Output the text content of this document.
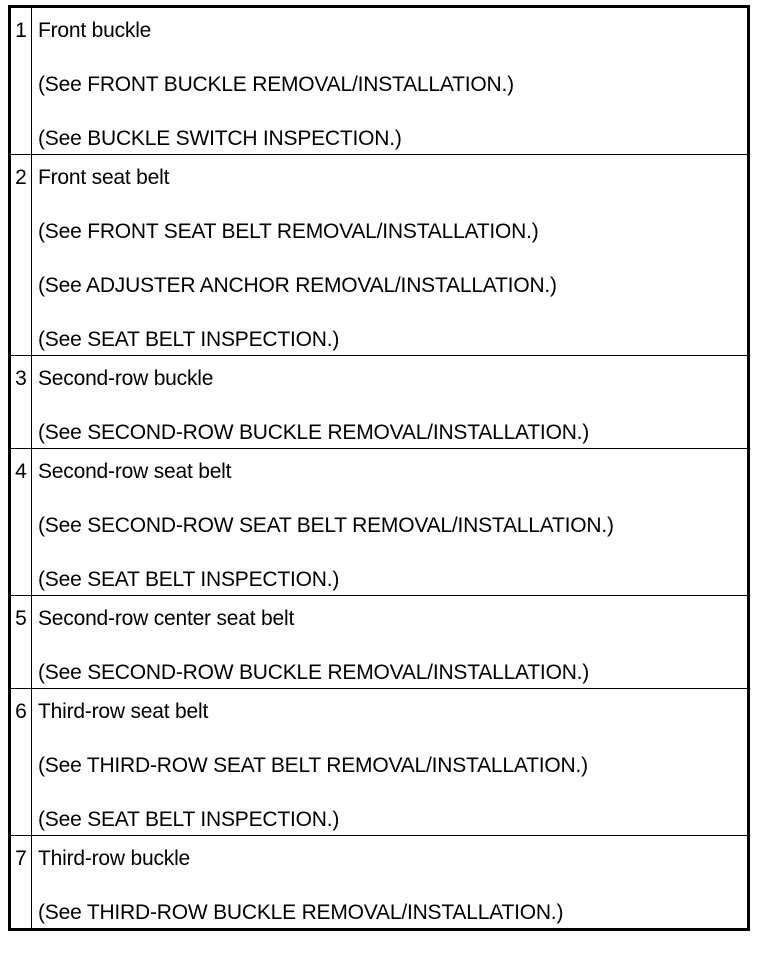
1	Front buckle
(See FRONT BUCKLE REMOVAL/INSTALLATION.)
(See BUCKLE SWITCH INSPECTION.)

2	Front seat belt
(See FRONT SEAT BELT REMOVAL/INSTALLATION.)
(See ADJUSTER ANCHOR REMOVAL/INSTALLATION.)
(See SEAT BELT INSPECTION.)

3	Second-row buckle
(See SECOND-ROW BUCKLE REMOVAL/INSTALLATION.)

4	Second-row seat belt
(See SECOND-ROW SEAT BELT REMOVAL/INSTALLATION.)
(See SEAT BELT INSPECTION.)

5	Second-row center seat belt
(See SECOND-ROW BUCKLE REMOVAL/INSTALLATION.)

6	Third-row seat belt
(See THIRD-ROW SEAT BELT REMOVAL/INSTALLATION.)
(See SEAT BELT INSPECTION.)

7	Third-row buckle
(See THIRD-ROW BUCKLE REMOVAL/INSTALLATION.)
